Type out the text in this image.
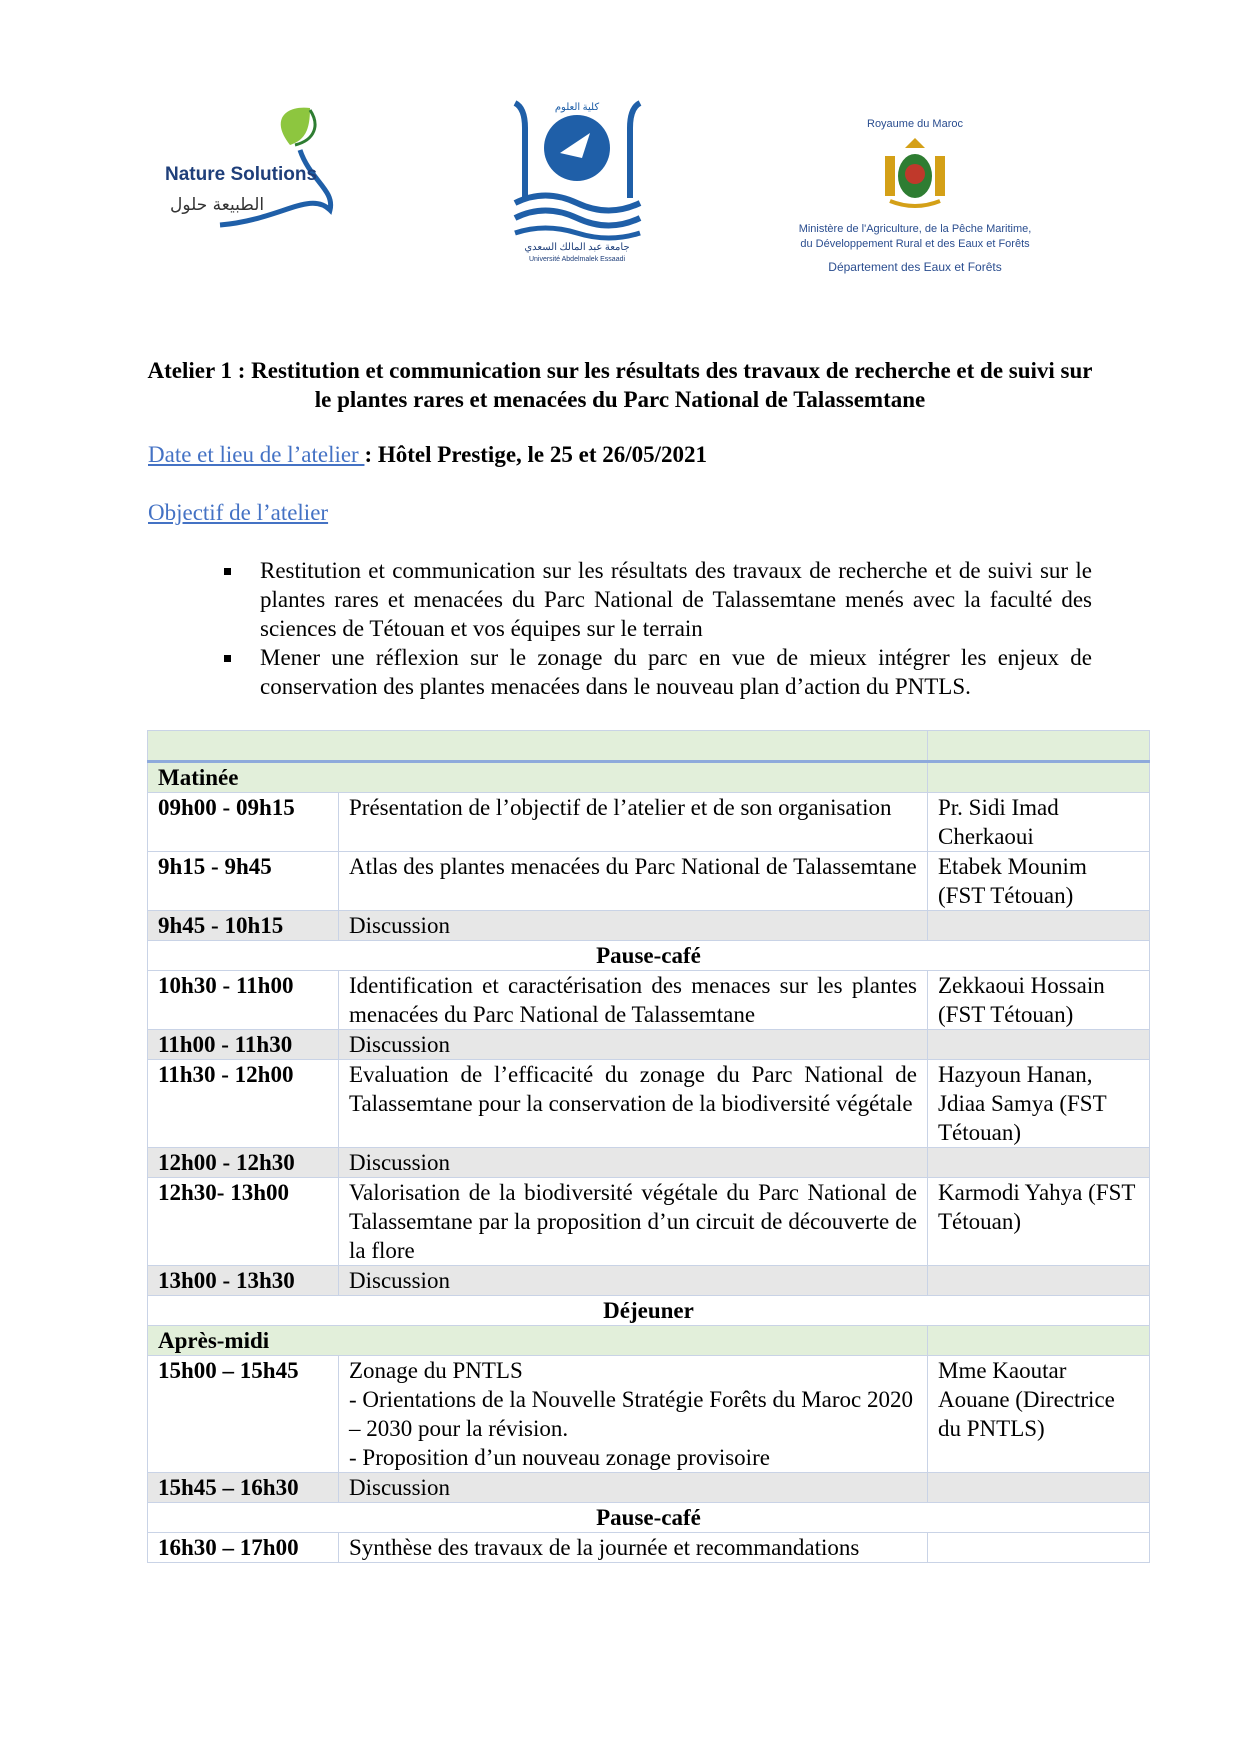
Nature Solutions
الطبيعة حلول
كلية العلوم
جامعة عبد المالك السعدي
Université Abdelmalek Essaadi
Royaume du Maroc
Ministère de l'Agriculture, de la Pêche Maritime,
du Développement Rural et des Eaux et Forêts
Département des Eaux et Forêts
Atelier 1 : Restitution et communication sur les résultats des travaux de recherche et de suivi sur le plantes rares et menacées du Parc National de Talassemtane
Date et lieu de l’atelier : Hôtel Prestige, le 25 et 26/05/2021
Objectif de l’atelier
Restitution et communication sur les résultats des travaux de recherche et de suivi sur le plantes rares et menacées du Parc National de Talassemtane menés avec la faculté des sciences de Tétouan et vos équipes sur le terrain
Mener une réflexion sur le zonage du parc en vue de mieux intégrer les enjeux de conservation des plantes menacées dans le nouveau plan d’action du PNTLS.

Matinée		
09h00 - 09h15	Présentation de l’objectif de l’atelier et de son organisation	Pr. Sidi Imad Cherkaoui
9h15 - 9h45	Atlas des plantes menacées du Parc National de Talassemtane	Etabek Mounim (FST Tétouan)
9h45 - 10h15	Discussion	
Pause-café		
10h30 - 11h00	Identification et caractérisation des menaces sur les plantes menacées du Parc National de Talassemtane	Zekkaoui Hossain (FST Tétouan)
11h00 - 11h30	Discussion	
11h30 - 12h00	Evaluation de l’efficacité du zonage du Parc National de Talassemtane pour la conservation de la biodiversité végétale	Hazyoun Hanan, Jdiaa Samya (FST Tétouan)
12h00 - 12h30	Discussion	
12h30- 13h00	Valorisation de la biodiversité végétale du Parc National de Talassemtane par la proposition d’un circuit de découverte de la flore	Karmodi Yahya (FST Tétouan)
13h00 - 13h30	Discussion	
Déjeuner		
Après-midi		
15h00 – 15h45	Zonage du PNTLS
- Orientations de la Nouvelle Stratégie Forêts du Maroc 2020 – 2030 pour la révision.
- Proposition d’un nouveau zonage provisoire	Mme Kaoutar Aouane (Directrice du PNTLS)
15h45 – 16h30	Discussion	
Pause-café		
16h30 – 17h00	Synthèse des travaux de la journée et recommandations	
